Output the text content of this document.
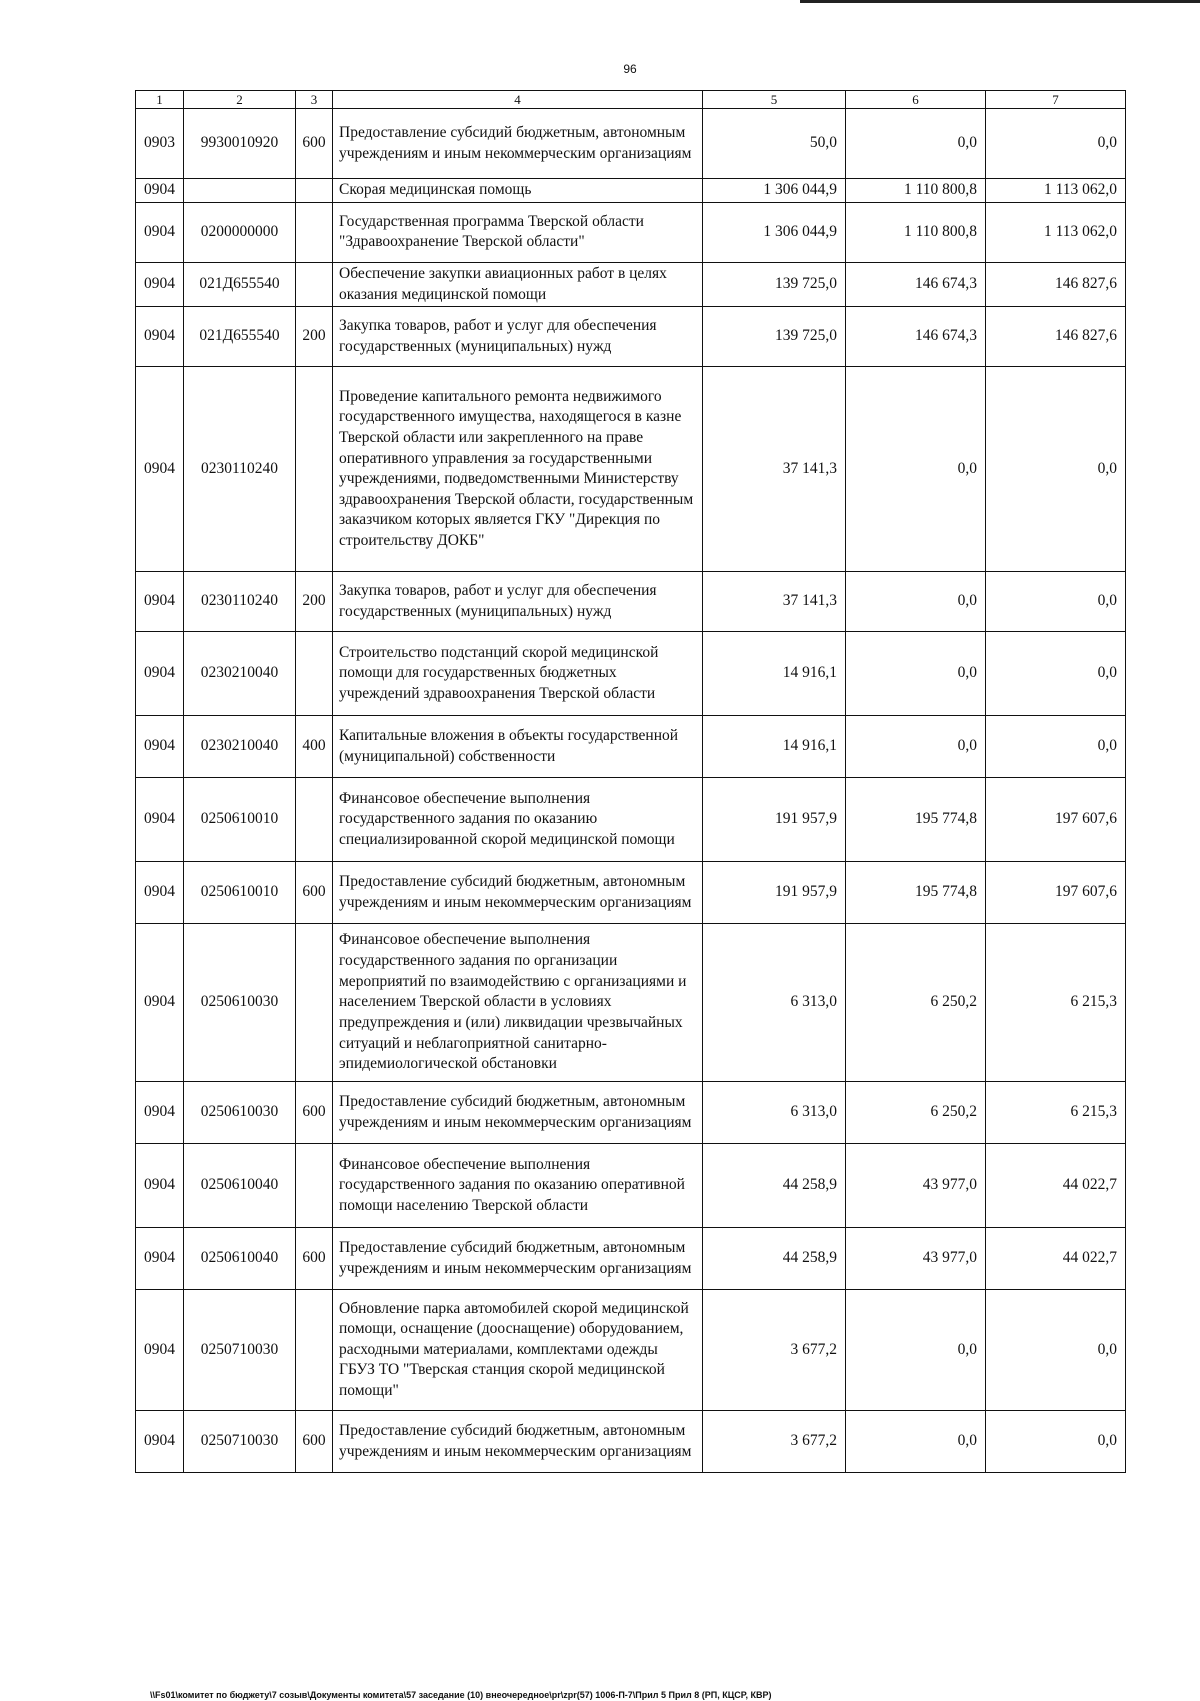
96
1	2	3	4	5	6	7
0903	9930010920	600	Предоставление субсидий бюджетным, автономным учреждениям и иным некоммерческим организациям	50,0	0,0	0,0
0904			Скорая медицинская помощь	1 306 044,9	1 110 800,8	1 113 062,0
0904	0200000000		Государственная программа Тверской области "Здравоохранение Тверской области"	1 306 044,9	1 110 800,8	1 113 062,0
0904	021Д655540		Обеспечение закупки авиационных работ в целях оказания медицинской помощи	139 725,0	146 674,3	146 827,6
0904	021Д655540	200	Закупка товаров, работ и услуг для обеспечения государственных (муниципальных) нужд	139 725,0	146 674,3	146 827,6
0904	0230110240		Проведение капитального ремонта недвижимого государственного имущества, находящегося в казне Тверской области или закрепленного на праве оперативного управления за государственными учреждениями, подведомственными Министерству здравоохранения Тверской области, государственным заказчиком которых является ГКУ "Дирекция по строительству ДОКБ"	37 141,3	0,0	0,0
0904	0230110240	200	Закупка товаров, работ и услуг для обеспечения государственных (муниципальных) нужд	37 141,3	0,0	0,0
0904	0230210040		Строительство подстанций скорой медицинской помощи для государственных бюджетных учреждений здравоохранения Тверской области	14 916,1	0,0	0,0
0904	0230210040	400	Капитальные вложения в объекты государственной (муниципальной) собственности	14 916,1	0,0	0,0
0904	0250610010		Финансовое обеспечение выполнения государственного задания по оказанию специализированной скорой медицинской помощи	191 957,9	195 774,8	197 607,6
0904	0250610010	600	Предоставление субсидий бюджетным, автономным учреждениям и иным некоммерческим организациям	191 957,9	195 774,8	197 607,6
0904	0250610030		Финансовое обеспечение выполнения государственного задания по организации мероприятий по взаимодействию с организациями и населением Тверской области в условиях предупреждения и (или) ликвидации чрезвычайных ситуаций и неблагоприятной санитарно-эпидемиологической обстановки	6 313,0	6 250,2	6 215,3
0904	0250610030	600	Предоставление субсидий бюджетным, автономным учреждениям и иным некоммерческим организациям	6 313,0	6 250,2	6 215,3
0904	0250610040		Финансовое обеспечение выполнения государственного задания по оказанию оперативной помощи населению Тверской области	44 258,9	43 977,0	44 022,7
0904	0250610040	600	Предоставление субсидий бюджетным, автономным учреждениям и иным некоммерческим организациям	44 258,9	43 977,0	44 022,7
0904	0250710030		Обновление парка автомобилей скорой медицинской помощи, оснащение (дооснащение) оборудованием, расходными материалами, комплектами одежды ГБУЗ ТО "Тверская станция скорой медицинской помощи"	3 677,2	0,0	0,0
0904	0250710030	600	Предоставление субсидий бюджетным, автономным учреждениям и иным некоммерческим организациям	3 677,2	0,0	0,0
\\Fs01\комитет по бюджету\7 созыв\Документы комитета\57 заседание (10) внеочередное\pr\zpr(57) 1006-П-7\Прил 5 Прил 8 (РП, КЦСР, КВР)
